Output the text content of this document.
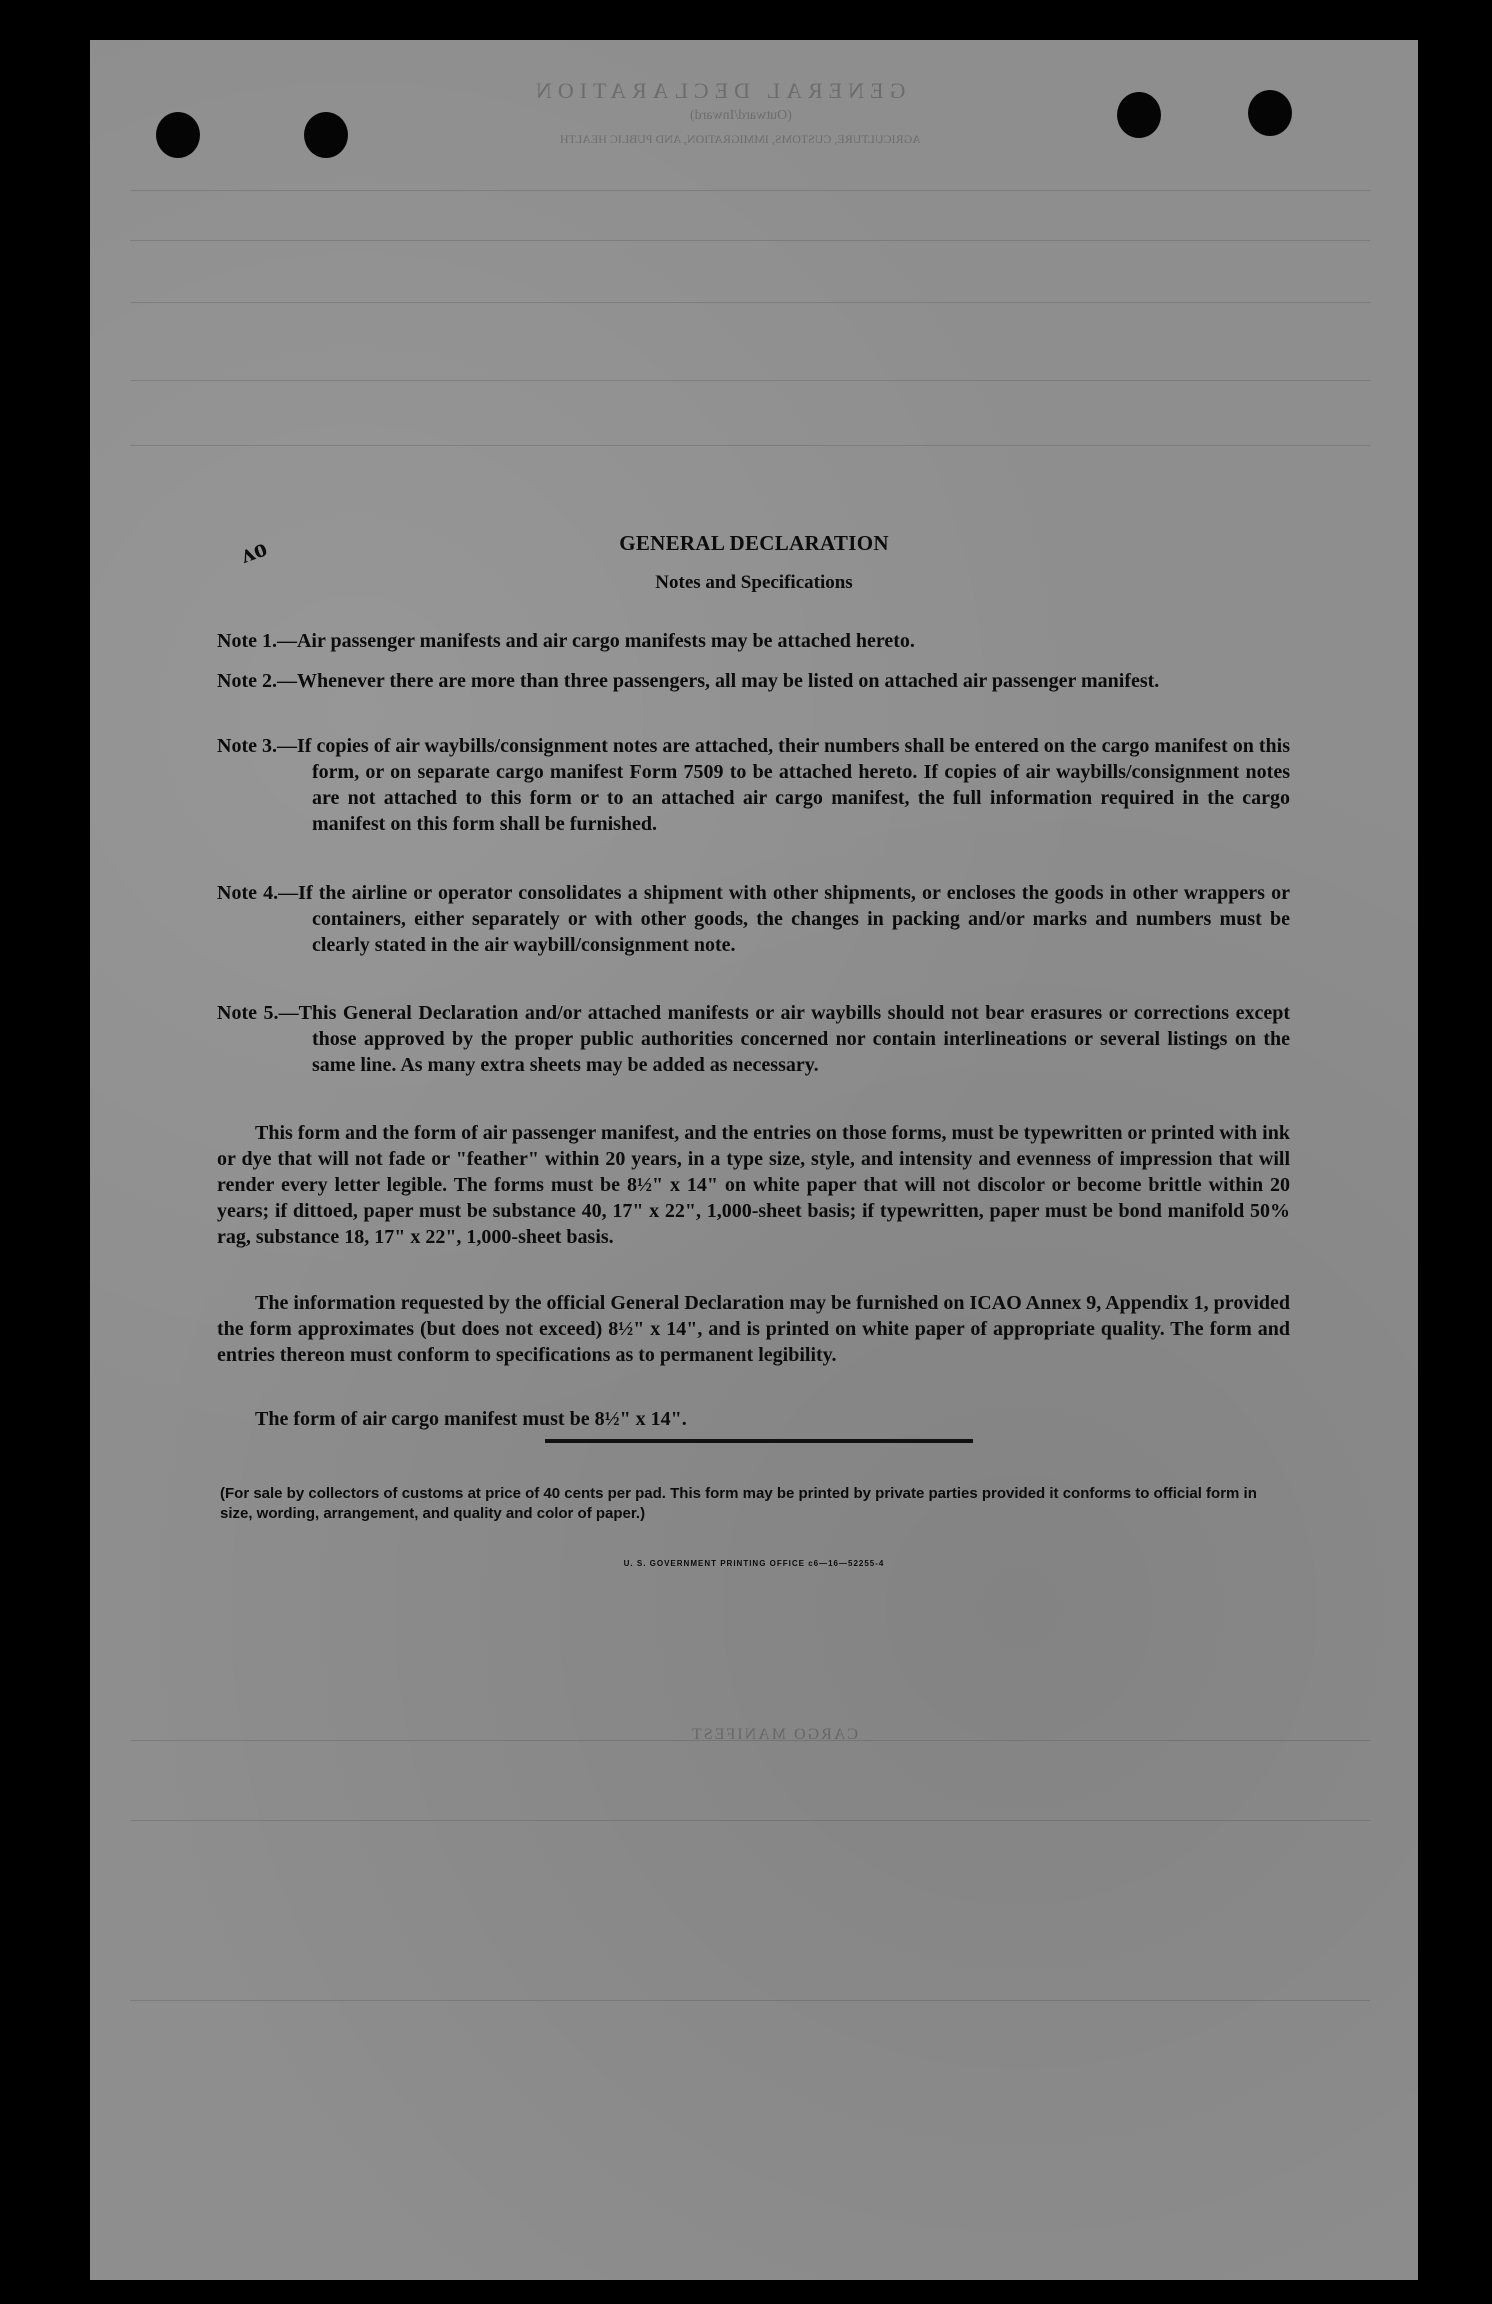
GENERAL DECLARATION
(Outward/Inward)
AGRICULTURE, CUSTOMS, IMMIGRATION, AND PUBLIC HEALTH
CARGO MANIFEST
ov	GENERAL DECLARATION
Notes and Specifications
Note 1.—Air passenger manifests and air cargo manifests may be attached hereto.
Note 2.—Whenever there are more than three passengers, all may be listed on attached air passenger manifest.
Note 3.—If copies of air waybills/consignment notes are attached, their numbers shall be entered on the cargo manifest on this form, or on separate cargo manifest Form 7509 to be attached hereto. If copies of air waybills/consignment notes are not attached to this form or to an attached air cargo manifest, the full information required in the cargo manifest on this form shall be furnished.
Note 4.—If the airline or operator consolidates a shipment with other shipments, or encloses the goods in other wrappers or containers, either separately or with other goods, the changes in packing and/or marks and numbers must be clearly stated in the air waybill/consignment note.
Note 5.—This General Declaration and/or attached manifests or air waybills should not bear erasures or corrections except those approved by the proper public authorities concerned nor contain interlineations or several listings on the same line. As many extra sheets may be added as necessary.
This form and the form of air passenger manifest, and the entries on those forms, must be typewritten or printed with ink or dye that will not fade or "feather" within 20 years, in a type size, style, and intensity and evenness of impression that will render every letter legible. The forms must be 8½" x 14" on white paper that will not discolor or become brittle within 20 years; if dittoed, paper must be substance 40, 17" x 22", 1,000-sheet basis; if typewritten, paper must be bond manifold 50% rag, substance 18, 17" x 22", 1,000-sheet basis.
The information requested by the official General Declaration may be furnished on ICAO Annex 9, Appendix 1, provided the form approximates (but does not exceed) 8½" x 14", and is printed on white paper of appropriate quality. The form and entries thereon must conform to specifications as to permanent legibility.
The form of air cargo manifest must be 8½" x 14".
(For sale by collectors of customs at price of 40 cents per pad. This form may be printed by private parties provided it conforms to official form in size, wording, arrangement, and quality and color of paper.)
U. S. GOVERNMENT PRINTING OFFICE c6—16—52255-4
